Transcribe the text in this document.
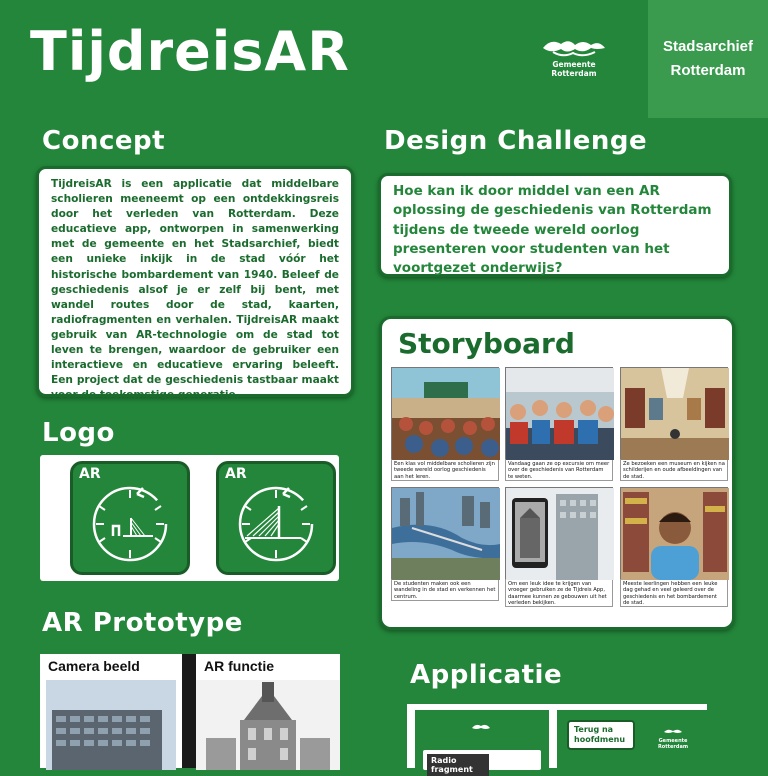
TijdreisAR	Gemeente
Rotterdam
Stadsarchief
Rotterdam
Concept
TijdreisAR is een applicatie dat middelbare scholieren meeneemt op een ontdekkingsreis door het verleden van Rotterdam. Deze educatieve app, ontworpen in samenwerking met de gemeente en het Stadsarchief, biedt een unieke inkijk in de stad vóór het historische bombardement van 1940. Beleef de geschiedenis alsof je er zelf bij bent, met wandel routes door de stad, kaarten, radiofragmenten en verhalen. TijdreisAR maakt gebruik van AR-technologie om de stad tot leven te brengen, waardoor de gebruiker een interactieve en educatieve ervaring beleeft. Een project dat de geschiedenis tastbaar maakt voor de toekomstige generatie.
Design Challenge
Hoe kan ik door middel van een AR oplossing de geschiedenis van Rotterdam tijdens de tweede wereld oorlog presenteren voor studenten van het voortgezet onderwijs?
Logo
AR	AR
Storyboard
Een klas vol middelbare scholieren zijn tweede wereld oorlog geschiedenis aan het leren.
Vandaag gaan ze op excursie om meer over de geschiedenis van Rotterdam te weten.
Ze bezoeken een museum en kijken na schilderijen en oude afbeeldingen van de stad.
De studenten maken ook een wandeling in de stad en verkennen het centrum.
Om een leuk idee te krijgen van vroeger gebruiken ze de Tijdreis App, daarmee kunnen ze gebouwen uit het verleden bekijken.
Meeste leerlingen hebben een leuke dag gehad en veel geleerd over de geschiedenis en het bombardement de stad.
AR Prototype
Camera beeld	AR functie	Applicatie
Radio fragment
Terug na
hoofdmenu	Gemeente
Rotterdam
